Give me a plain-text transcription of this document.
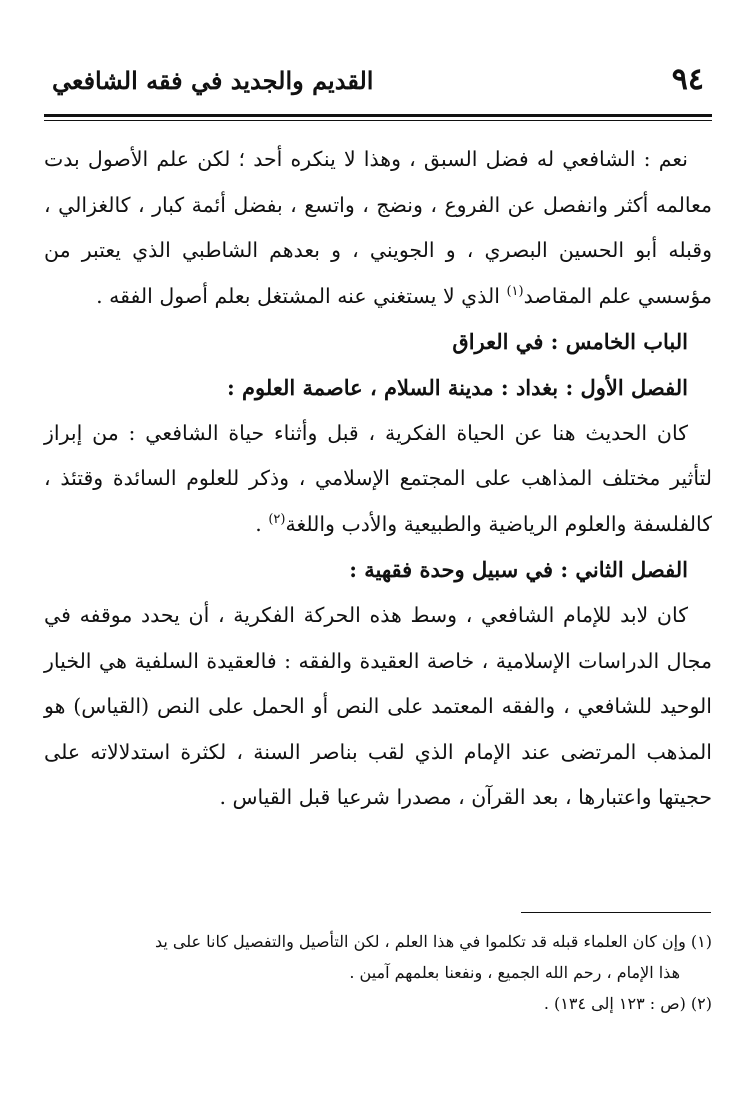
٩٤
القديم والجديد في فقه الشافعي

نعم : الشافعي له فضل السبق ، وهذا لا ينكره أحد ؛ لكن علم الأصول بدت معالمه أكثر وانفصل عن الفروع ، ونضج ، واتسع ، بفضل أئمة كبار ، كالغزالي ، وقبله أبو الحسين البصري ، و الجويني ، و بعدهم الشاطبي الذي يعتبر من مؤسسي علم المقاصد$^{(١)}$ الذي لا يستغني عنه المشتغل بعلم أصول الفقه .

الباب الخامس : في العراق

الفصل الأول : بغداد : مدينة السلام ، عاصمة العلوم :

كان الحديث هنا عن الحياة الفكرية ، قبل وأثناء حياة الشافعي : من إبراز لتأثير مختلف المذاهب على المجتمع الإسلامي ، وذكر للعلوم السائدة وقتئذ ، كالفلسفة والعلوم الرياضية والطبيعية والأدب واللغة$^{(٢)}$ .

الفصل الثاني : في سبيل وحدة فقهية :

كان لابد للإمام الشافعي ، وسط هذه الحركة الفكرية ، أن يحدد موقفه في مجال الدراسات الإسلامية ، خاصة العقيدة والفقه : فالعقيدة السلفية هي الخيار الوحيد للشافعي ، والفقه المعتمد على النص أو الحمل على النص (القياس) هو المذهب المرتضى عند الإمام الذي لقب بناصر السنة ، لكثرة استدلالاته على حجيتها واعتبارها ، بعد القرآن ، مصدرا شرعيا قبل القياس .

(١) وإن كان العلماء قبله قد تكلموا في هذا العلم ، لكن التأصيل والتفصيل كانا على يد

هذا الإمام ، رحم الله الجميع ، ونفعنا بعلمهم آمين .

(٢) (ص : ١٢٣ إلى ١٣٤) .
